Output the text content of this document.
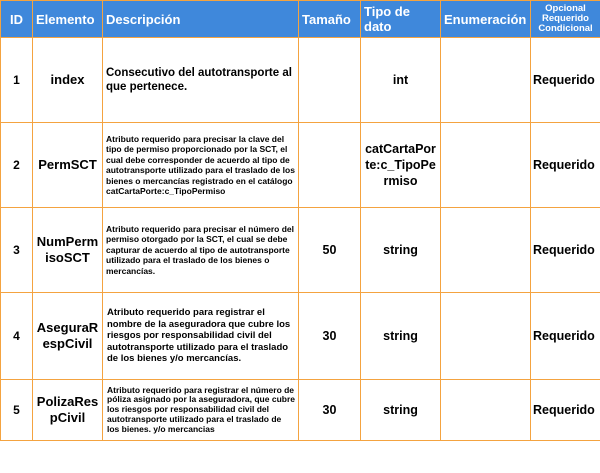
ID	Elemento	Descripción	Tamaño	Tipo de dato	Enumeración	Opcional
Requerido
Condicional

1	index	Consecutivo del autotransporte al que pertenece.		int		Requerido
2	PermSCT	Atributo requerido para precisar la clave del tipo de permiso proporcionado por la SCT, el cual debe corresponder de acuerdo al tipo de autotransporte utilizado para el traslado de los bienes o mercancías registrado en el catálogo catCartaPorte:c_TipoPermiso		catCartaPorte:c_TipoPermiso		Requerido
3	NumPermisoSCT	Atributo requerido para precisar el número del permiso otorgado por la SCT, el cual se debe capturar de acuerdo al tipo de autotransporte utilizado para el traslado de los bienes o mercancías.	50	string		Requerido
4	AseguraRespCivil	Atributo requerido para registrar el nombre de la aseguradora que cubre los riesgos por responsabilidad civil del autotransporte utilizado para el traslado de los bienes y/o mercancías.	30	string		Requerido
5	PolizaRespCivil	Atributo requerido para registrar el número de póliza asignado por la aseguradora, que cubre los riesgos por responsabilidad civil del autotransporte utilizado para el traslado de los bienes. y/o mercancias	30	string		Requerido
